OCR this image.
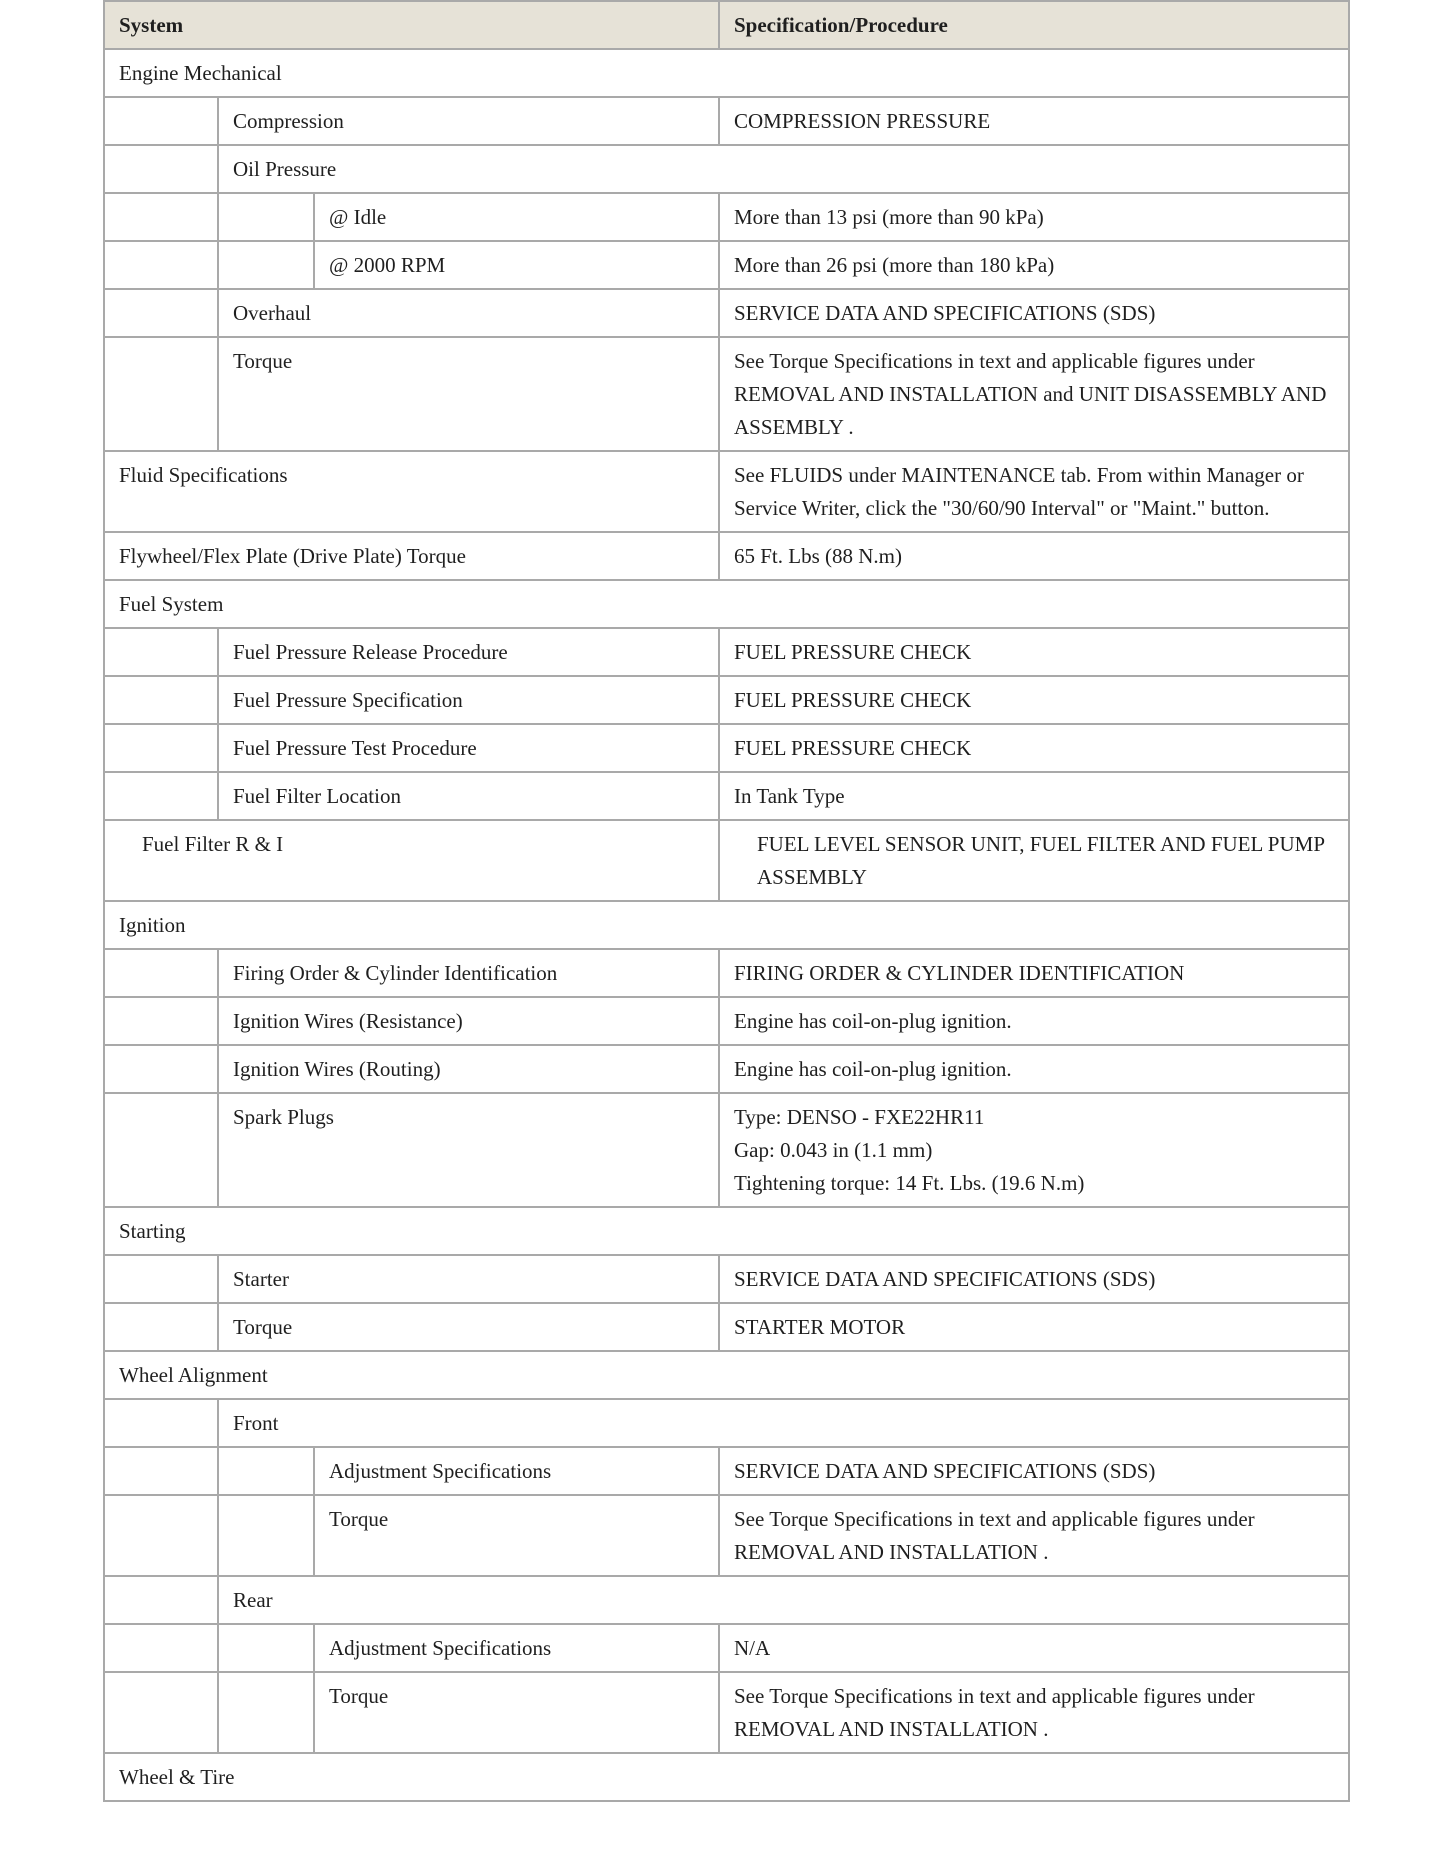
System			Specification/Procedure
Engine Mechanical			
	Compression		COMPRESSION PRESSURE
	Oil Pressure		
		@ Idle	More than 13 psi (more than 90 kPa)
		@ 2000 RPM	More than 26 psi (more than 180 kPa)
	Overhaul		SERVICE DATA AND SPECIFICATIONS (SDS)
	Torque		See Torque Specifications in text and applicable figures under REMOVAL AND INSTALLATION and UNIT DISASSEMBLY AND ASSEMBLY .
Fluid Specifications			See FLUIDS under MAINTENANCE tab. From within Manager or Service Writer, click the "30/60/90 Interval" or "Maint." button.
Flywheel/Flex Plate (Drive Plate) Torque			65 Ft. Lbs (88 N.m)
Fuel System			
	Fuel Pressure Release Procedure		FUEL PRESSURE CHECK
	Fuel Pressure Specification		FUEL PRESSURE CHECK
	Fuel Pressure Test Procedure		FUEL PRESSURE CHECK
	Fuel Filter Location		In Tank Type
Fuel Filter R & I			FUEL LEVEL SENSOR UNIT, FUEL FILTER AND FUEL PUMP ASSEMBLY
Ignition			
	Firing Order & Cylinder Identification		FIRING ORDER & CYLINDER IDENTIFICATION
	Ignition Wires (Resistance)		Engine has coil-on-plug ignition.
	Ignition Wires (Routing)		Engine has coil-on-plug ignition.
	Spark Plugs		Type: DENSO - FXE22HR11
Gap: 0.043 in (1.1 mm)
Tightening torque: 14 Ft. Lbs. (19.6 N.m)

Starting			
	Starter		SERVICE DATA AND SPECIFICATIONS (SDS)
	Torque		STARTER MOTOR
Wheel Alignment			
	Front		
		Adjustment Specifications	SERVICE DATA AND SPECIFICATIONS (SDS)
		Torque	See Torque Specifications in text and applicable figures under REMOVAL AND INSTALLATION .
	Rear		
		Adjustment Specifications	N/A
		Torque	See Torque Specifications in text and applicable figures under REMOVAL AND INSTALLATION .
Wheel & Tire			
